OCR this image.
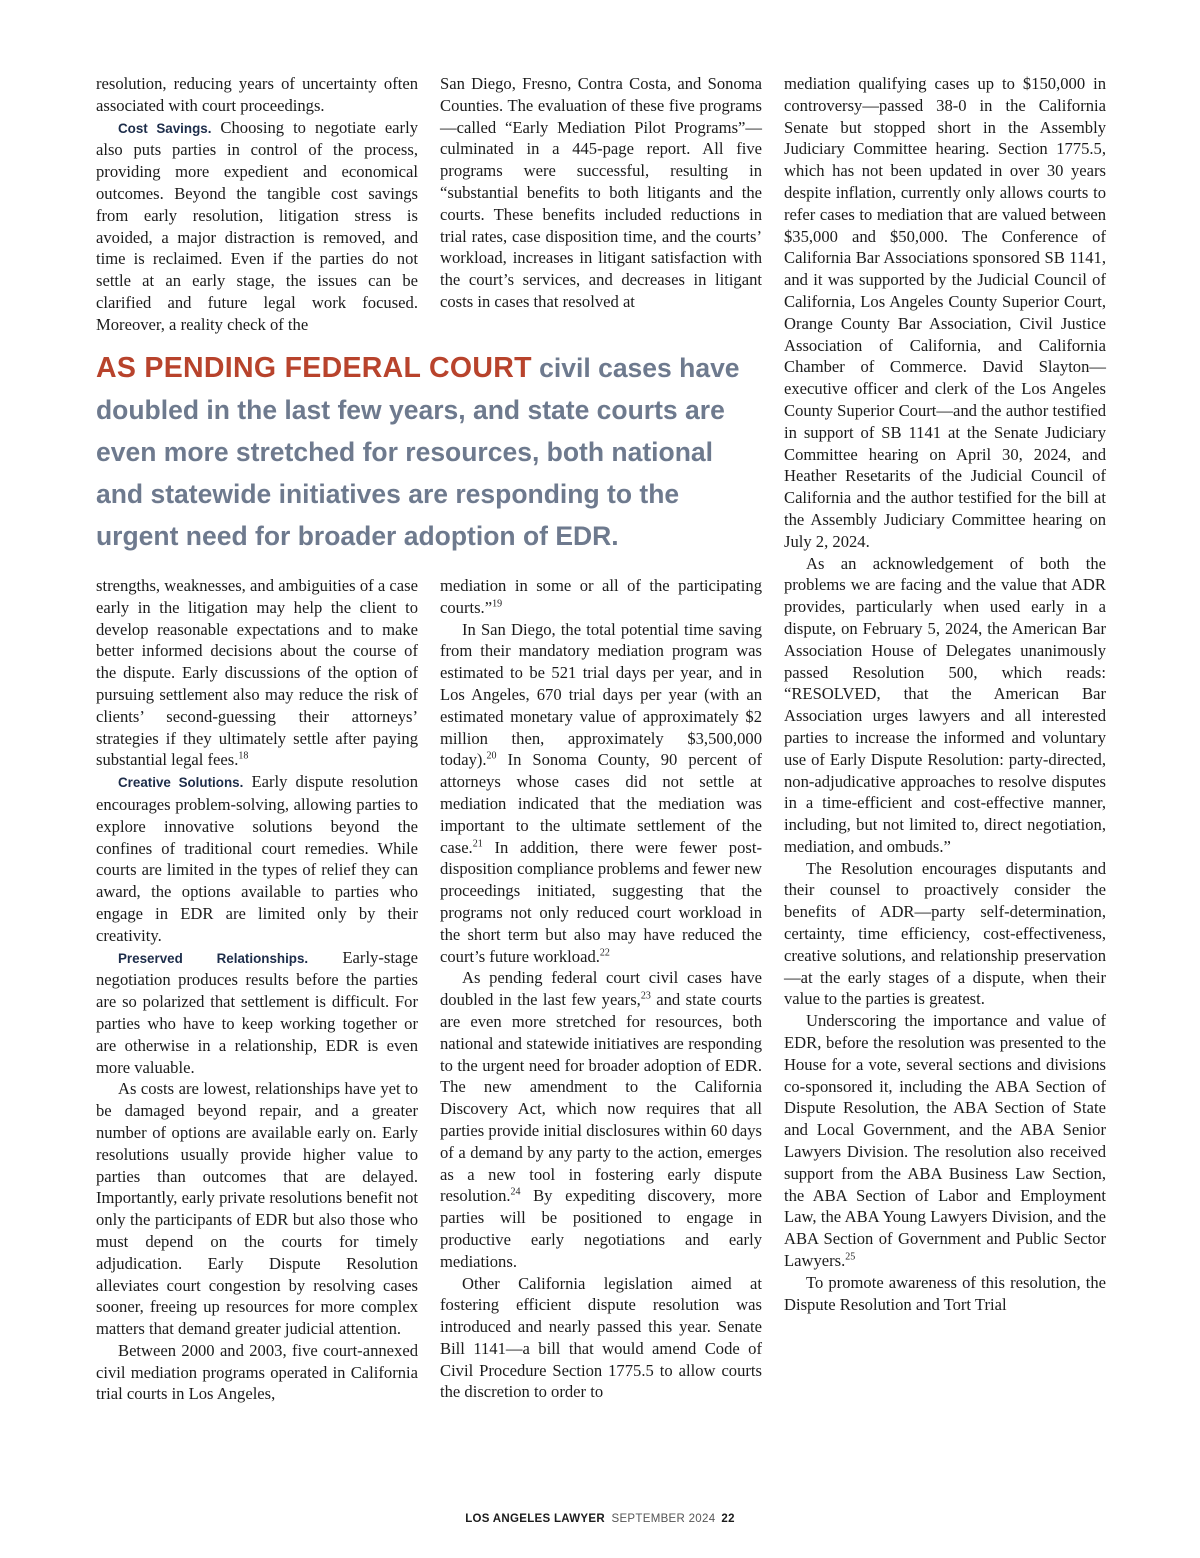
resolution, reducing years of uncertainty often associated with court proceedings.

Cost Savings. Choosing to negotiate early also puts parties in control of the process, providing more expedient and economical outcomes. Beyond the tangible cost savings from early resolution, litigation stress is avoided, a major distraction is removed, and time is reclaimed. Even if the parties do not settle at an early stage, the issues can be clarified and future legal work focused. Moreover, a reality check of the

San Diego, Fresno, Contra Costa, and Sonoma Counties. The evaluation of these five programs—called “Early Mediation Pilot Programs”—culminated in a 445-page report. All five programs were successful, resulting in “substantial benefits to both litigants and the courts. These benefits included reductions in trial rates, case disposition time, and the courts’ workload, increases in litigant satisfaction with the court’s services, and decreases in litigant costs in cases that resolved at

AS PENDING FEDERAL COURT civil cases have doubled in the last few years, and state courts are even more stretched for resources, both national and statewide initiatives are responding to the urgent need for broader adoption of EDR.

strengths, weaknesses, and ambiguities of a case early in the litigation may help the client to develop reasonable expectations and to make better informed decisions about the course of the dispute. Early discussions of the option of pursuing settlement also may reduce the risk of clients’ second-guessing their attorneys’ strategies if they ultimately settle after paying substantial legal fees.$^{18}$

Creative Solutions. Early dispute resolution encourages problem-solving, allowing parties to explore innovative solutions beyond the confines of traditional court remedies. While courts are limited in the types of relief they can award, the options available to parties who engage in EDR are limited only by their creativity.

Preserved Relationships. Early-stage negotiation produces results before the parties are so polarized that settlement is difficult. For parties who have to keep working together or are otherwise in a relationship, EDR is even more valuable.

As costs are lowest, relationships have yet to be damaged beyond repair, and a greater number of options are available early on. Early resolutions usually provide higher value to parties than outcomes that are delayed. Importantly, early private resolutions benefit not only the participants of EDR but also those who must depend on the courts for timely adjudication. Early Dispute Resolution alleviates court congestion by resolving cases sooner, freeing up resources for more complex matters that demand greater judicial attention.

Between 2000 and 2003, five court-annexed civil mediation programs operated in California trial courts in Los Angeles,

mediation in some or all of the participating courts.”$^{19}$

In San Diego, the total potential time saving from their mandatory mediation program was estimated to be 521 trial days per year, and in Los Angeles, 670 trial days per year (with an estimated monetary value of approximately $2 million then, approximately $3,500,000 today).$^{20}$ In Sonoma County, 90 percent of attorneys whose cases did not settle at mediation indicated that the mediation was important to the ultimate settlement of the case.$^{21}$ In addition, there were fewer post-disposition compliance problems and fewer new proceedings initiated, suggesting that the programs not only reduced court workload in the short term but also may have reduced the court’s future workload.$^{22}$

As pending federal court civil cases have doubled in the last few years,$^{23}$ and state courts are even more stretched for resources, both national and statewide initiatives are responding to the urgent need for broader adoption of EDR. The new amendment to the California Discovery Act, which now requires that all parties provide initial disclosures within 60 days of a demand by any party to the action, emerges as a new tool in fostering early dispute resolution.$^{24}$ By expediting discovery, more parties will be positioned to engage in productive early negotiations and early mediations.

Other California legislation aimed at fostering efficient dispute resolution was introduced and nearly passed this year. Senate Bill 1141—a bill that would amend Code of Civil Procedure Section 1775.5 to allow courts the discretion to order to

mediation qualifying cases up to $150,000 in controversy—passed 38-0 in the California Senate but stopped short in the Assembly Judiciary Committee hearing. Section 1775.5, which has not been updated in over 30 years despite inflation, currently only allows courts to refer cases to mediation that are valued between $35,000 and $50,000. The Conference of California Bar Associations sponsored SB 1141, and it was supported by the Judicial Council of California, Los Angeles County Superior Court, Orange County Bar Association, Civil Justice Association of California, and California Chamber of Commerce. David Slayton—executive officer and clerk of the Los Angeles County Superior Court—and the author testified in support of SB 1141 at the Senate Judiciary Committee hearing on April 30, 2024, and Heather Resetarits of the Judicial Council of California and the author testified for the bill at the Assembly Judiciary Committee hearing on July 2, 2024.

As an acknowledgement of both the problems we are facing and the value that ADR provides, particularly when used early in a dispute, on February 5, 2024, the American Bar Association House of Delegates unanimously passed Resolution 500, which reads: “RESOLVED, that the American Bar Association urges lawyers and all interested parties to increase the informed and voluntary use of Early Dispute Resolution: party-directed, non-adjudicative approaches to resolve disputes in a time-efficient and cost-effective manner, including, but not limited to, direct negotiation, mediation, and ombuds.”

The Resolution encourages disputants and their counsel to proactively consider the benefits of ADR—party self-determination, certainty, time efficiency, cost-effectiveness, creative solutions, and relationship preservation—at the early stages of a dispute, when their value to the parties is greatest.

Underscoring the importance and value of EDR, before the resolution was presented to the House for a vote, several sections and divisions co-sponsored it, including the ABA Section of Dispute Resolution, the ABA Section of State and Local Government, and the ABA Senior Lawyers Division. The resolution also received support from the ABA Business Law Section, the ABA Section of Labor and Employment Law, the ABA Young Lawyers Division, and the ABA Section of Government and Public Sector Lawyers.$^{25}$

To promote awareness of this resolution, the Dispute Resolution and Tort Trial

LOS ANGELES LAWYER SEPTEMBER 2024 22
